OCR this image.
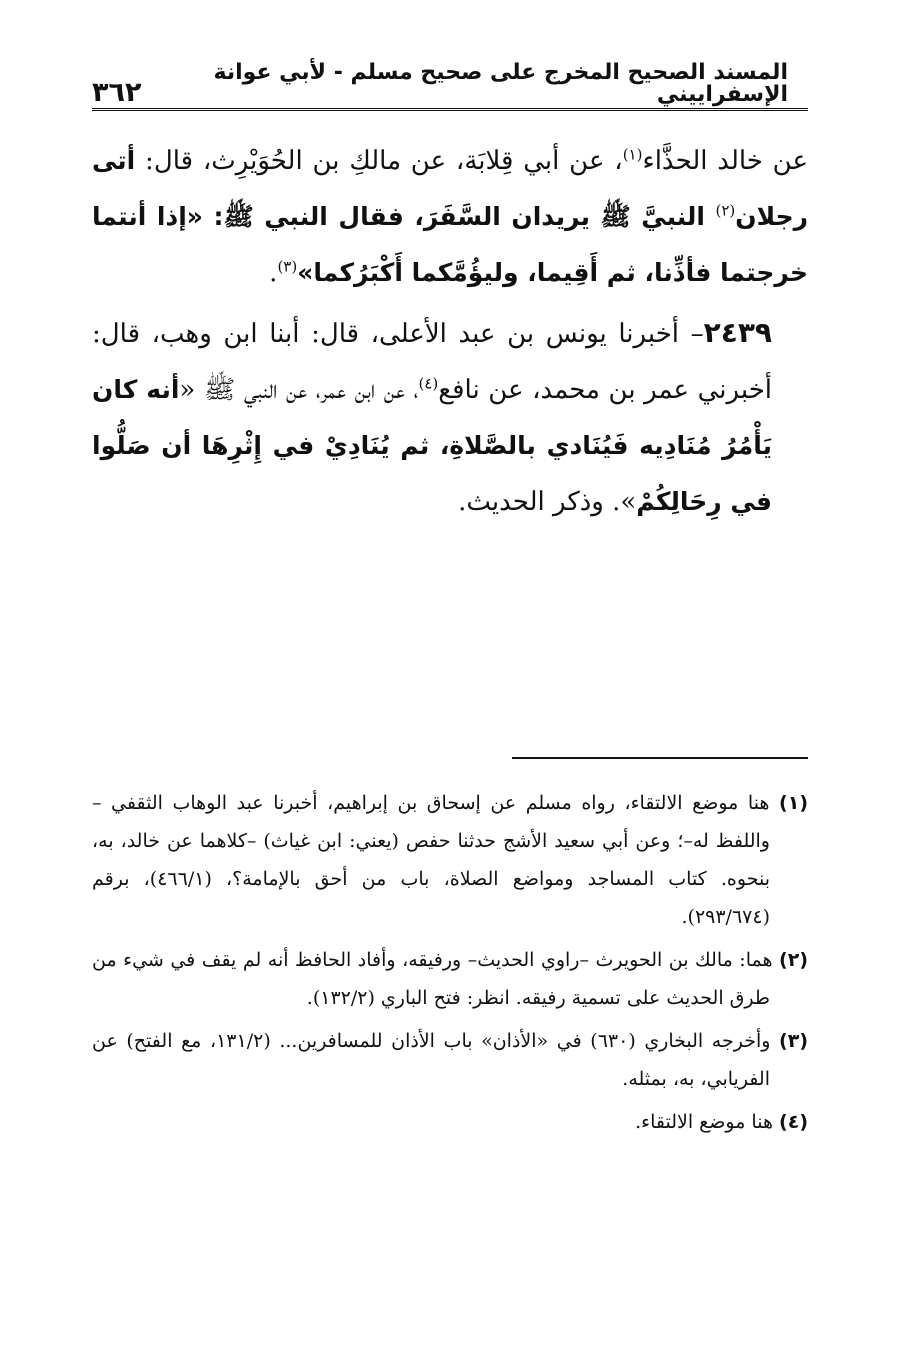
المسند الصحيح المخرج على صحيح مسلم - لأبي عوانة الإسفراييني
٣٦٢

عن خالد الحذَّاء$^{(١)}$، عن أبي قِلابَة، عن مالكِ بن الحُوَيْرِث، قال: أتى رجلان$^{(٢)}$ النبيَّ ﷺ يريدان السَّفَرَ، فقال النبي ﷺ: «إذا أنتما خرجتما فأذِّنا، ثم أَقِيما، وليؤُمَّكما أَكْبَرُكما»$^{(٣)}$.

٢٤٣٩– أخبرنا يونس بن عبد الأعلى، قال: أبنا ابن وهب، قال: أخبرني عمر بن محمد، عن نافع$^{(٤)}$، عن ابن عمر، عن النبي ﷺ «أنه كان يَأْمُرُ مُنَادِيه فَيُنَادي بالصَّلاةِ، ثم يُنَادِيْ في إِثْرِهَا أن صَلُّوا في رِحَالِكُمْ». وذكر الحديث.

(١) هنا موضع الالتقاء، رواه مسلم عن إسحاق بن إبراهيم، أخبرنا عبد الوهاب الثقفي – واللفظ له–؛ وعن أبي سعيد الأشج حدثنا حفص (يعني: ابن غياث) –كلاهما عن خالد، به، بنحوه. كتاب المساجد ومواضع الصلاة، باب من أحق بالإمامة؟، (٤٦٦/١)، برقم (٢٩٣/٦٧٤).

(٢) هما: مالك بن الحويرث –راوي الحديث– ورفيقه، وأفاد الحافظ أنه لم يقف في شيء من طرق الحديث على تسمية رفيقه. انظر: فتح الباري (١٣٢/٢).

(٣) وأخرجه البخاري (٦٣٠) في «الأذان» باب الأذان للمسافرين... (١٣١/٢، مع الفتح) عن الفريابي، به، بمثله.

(٤) هنا موضع الالتقاء.
